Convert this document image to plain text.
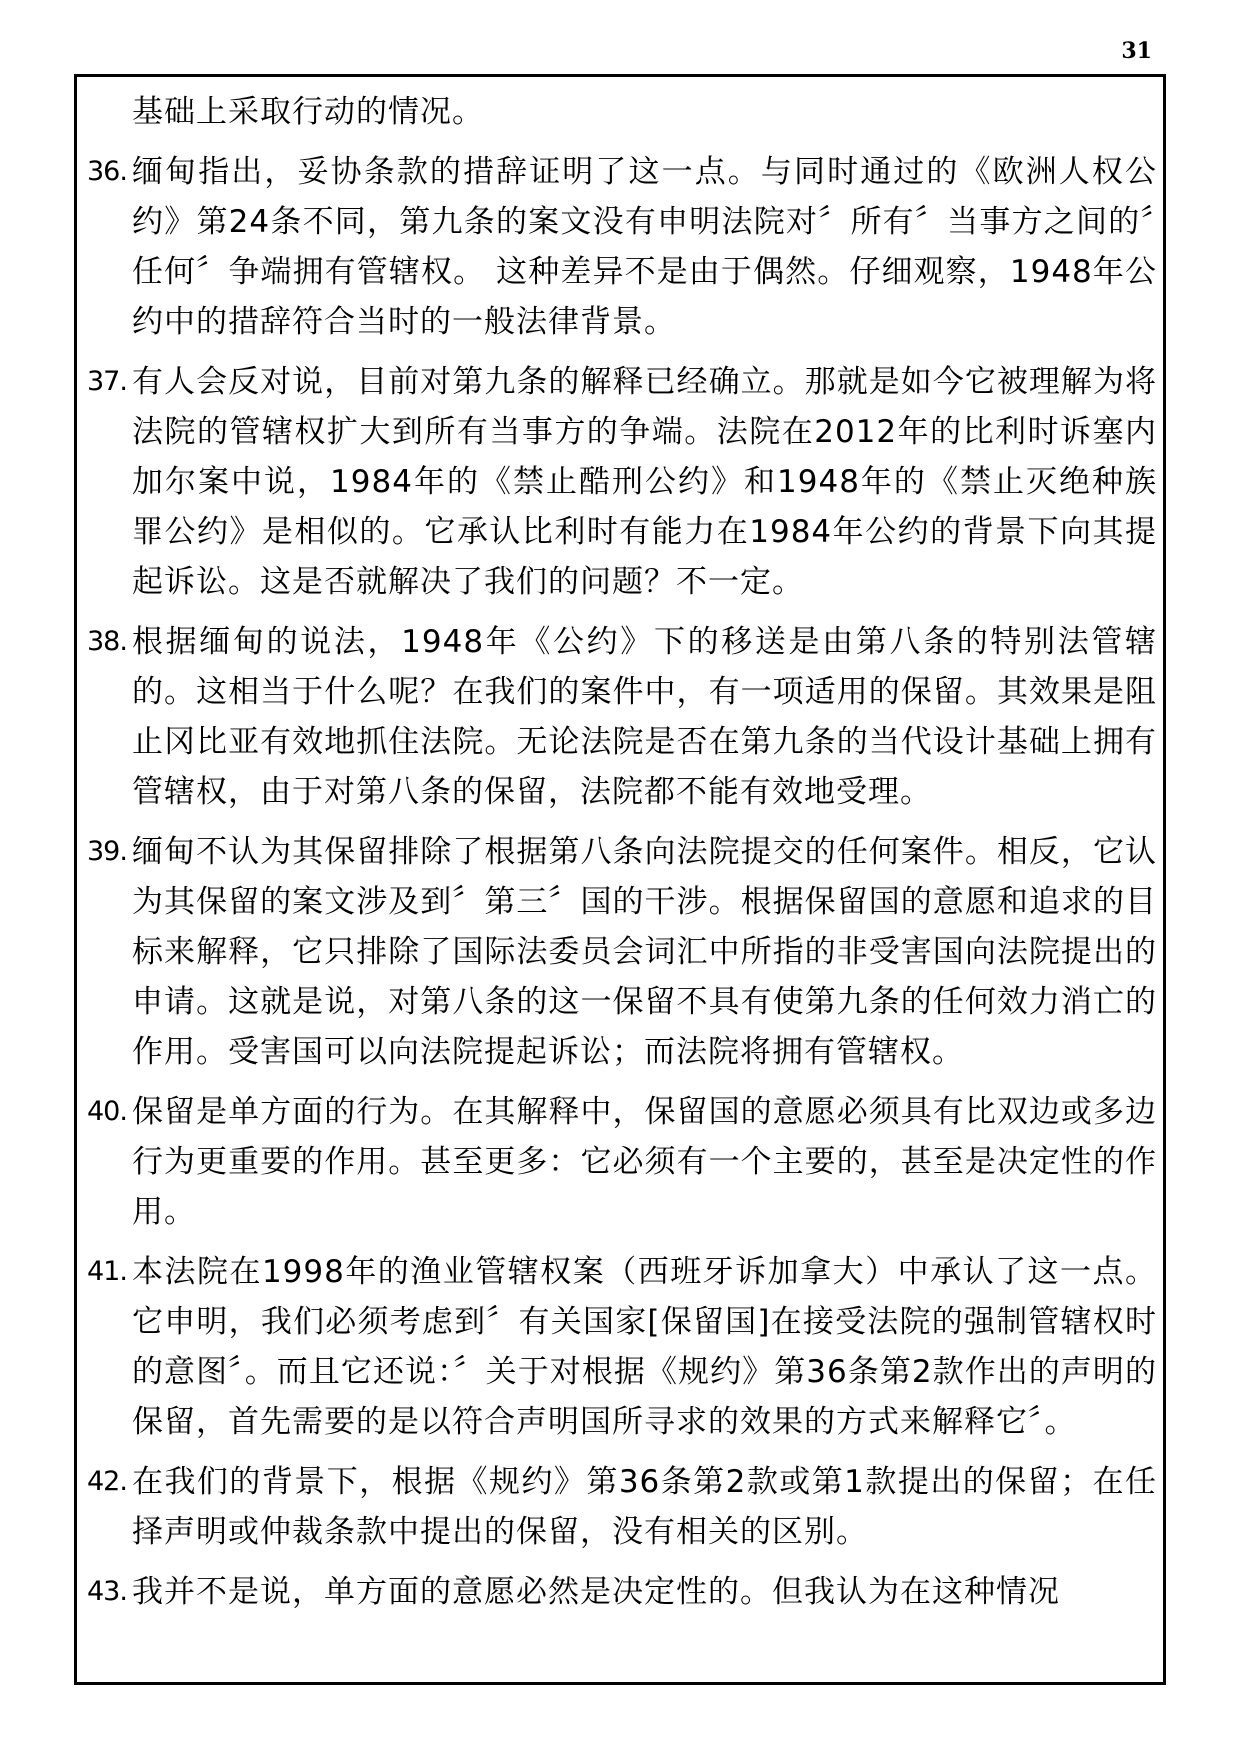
31
基础上采取行动的情况。
36. 缅甸指出，妥协条款的措辞证明了这一点。与同时通过的《欧洲人权公约》第24条不同，第九条的案文没有申明法院对〞所有〞当事方之间的〞任何〞争端拥有管辖权。 这种差异不是由于偶然。仔细观察，1948年公约中的措辞符合当时的一般法律背景。
37. 有人会反对说，目前对第九条的解释已经确立。那就是如今它被理解为将法院的管辖权扩大到所有当事方的争端。法院在2012年的比利时诉塞内加尔案中说，1984年的《禁止酷刑公约》和1948年的《禁止灭绝种族罪公约》是相似的。它承认比利时有能力在1984年公约的背景下向其提起诉讼。这是否就解决了我们的问题？不一定。
38. 根据缅甸的说法，1948年《公约》下的移送是由第八条的特别法管辖的。这相当于什么呢？在我们的案件中，有一项适用的保留。其效果是阻止冈比亚有效地抓住法院。无论法院是否在第九条的当代设计基础上拥有管辖权，由于对第八条的保留，法院都不能有效地受理。
39. 缅甸不认为其保留排除了根据第八条向法院提交的任何案件。相反，它认为其保留的案文涉及到〞第三〞国的干涉。根据保留国的意愿和追求的目标来解释，它只排除了国际法委员会词汇中所指的非受害国向法院提出的申请。这就是说，对第八条的这一保留不具有使第九条的任何效力消亡的作用。受害国可以向法院提起诉讼；而法院将拥有管辖权。
40. 保留是单方面的行为。在其解释中，保留国的意愿必须具有比双边或多边行为更重要的作用。甚至更多：它必须有一个主要的，甚至是决定性的作用。
41. 本法院在1998年的渔业管辖权案（西班牙诉加拿大）中承认了这一点。它申明，我们必须考虑到〞有关国家[保留国]在接受法院的强制管辖权时的意图〞。而且它还说：〞关于对根据《规约》第36条第2款作出的声明的保留，首先需要的是以符合声明国所寻求的效果的方式来解释它〞。
42. 在我们的背景下，根据《规约》第36条第2款或第1款提出的保留；在任择声明或仲裁条款中提出的保留，没有相关的区别。
43. 我并不是说，单方面的意愿必然是决定性的。但我认为在这种情况
